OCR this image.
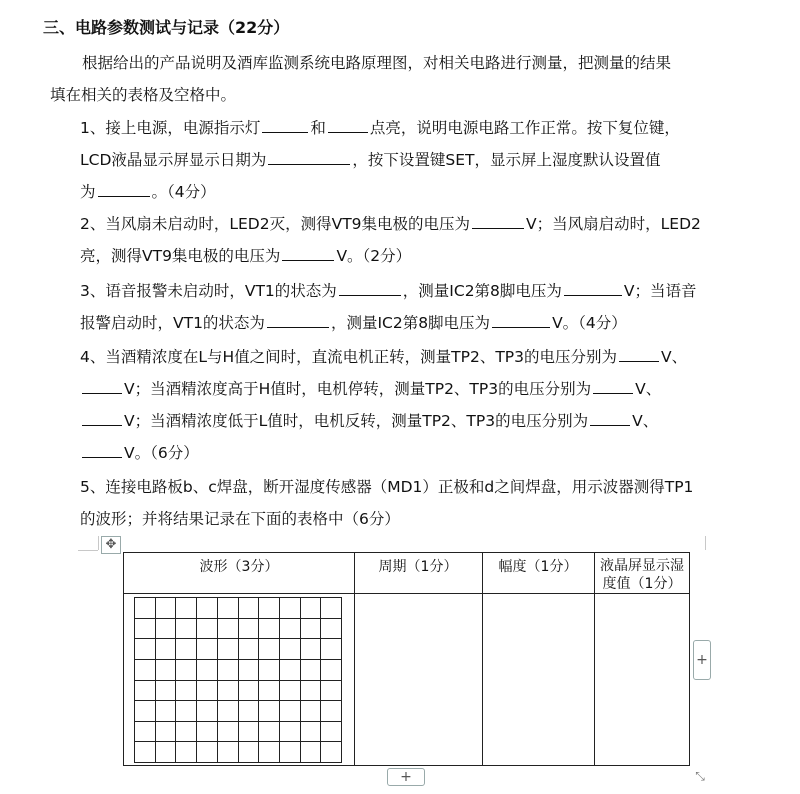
三、电路参数测试与记录（22分）
根据给出的产品说明及酒库监测系统电路原理图，对相关电路进行测量，把测量的结果
填在相关的表格及空格中。
1、接上电源，电源指示灯	和	点亮，说明电源电路工作正常。按下复位键，
LCD液晶显示屏显示日期为	，按下设置键SET，显示屏上湿度默认设置值
为	。（4分）
2、当风扇未启动时，LED2灭，测得VT9集电极的电压为	V；当风扇启动时，LED2
亮，测得VT9集电极的电压为	V。（2分）
3、语音报警未启动时，VT1的状态为	，测量IC2第8脚电压为	V；当语音
报警启动时，VT1的状态为	，测量IC2第8脚电压为	V。（4分）
4、当酒精浓度在L与H值之间时，直流电机正转，测量TP2、TP3的电压分别为	V、
V；当酒精浓度高于H值时，电机停转，测量TP2、TP3的电压分别为	V、
V；当酒精浓度低于L值时，电机反转，测量TP2、TP3的电压分别为	V、
V。（6分）
5、连接电路板b、c焊盘，断开湿度传感器（MD1）正极和d之间焊盘，用示波器测得TP1
的波形；并将结果记录在下面的表格中（6分）
✥
波形（3分）	周期（1分）	幅度（1分）	液晶屏显示湿
度值（1分）
+
+	⤡
